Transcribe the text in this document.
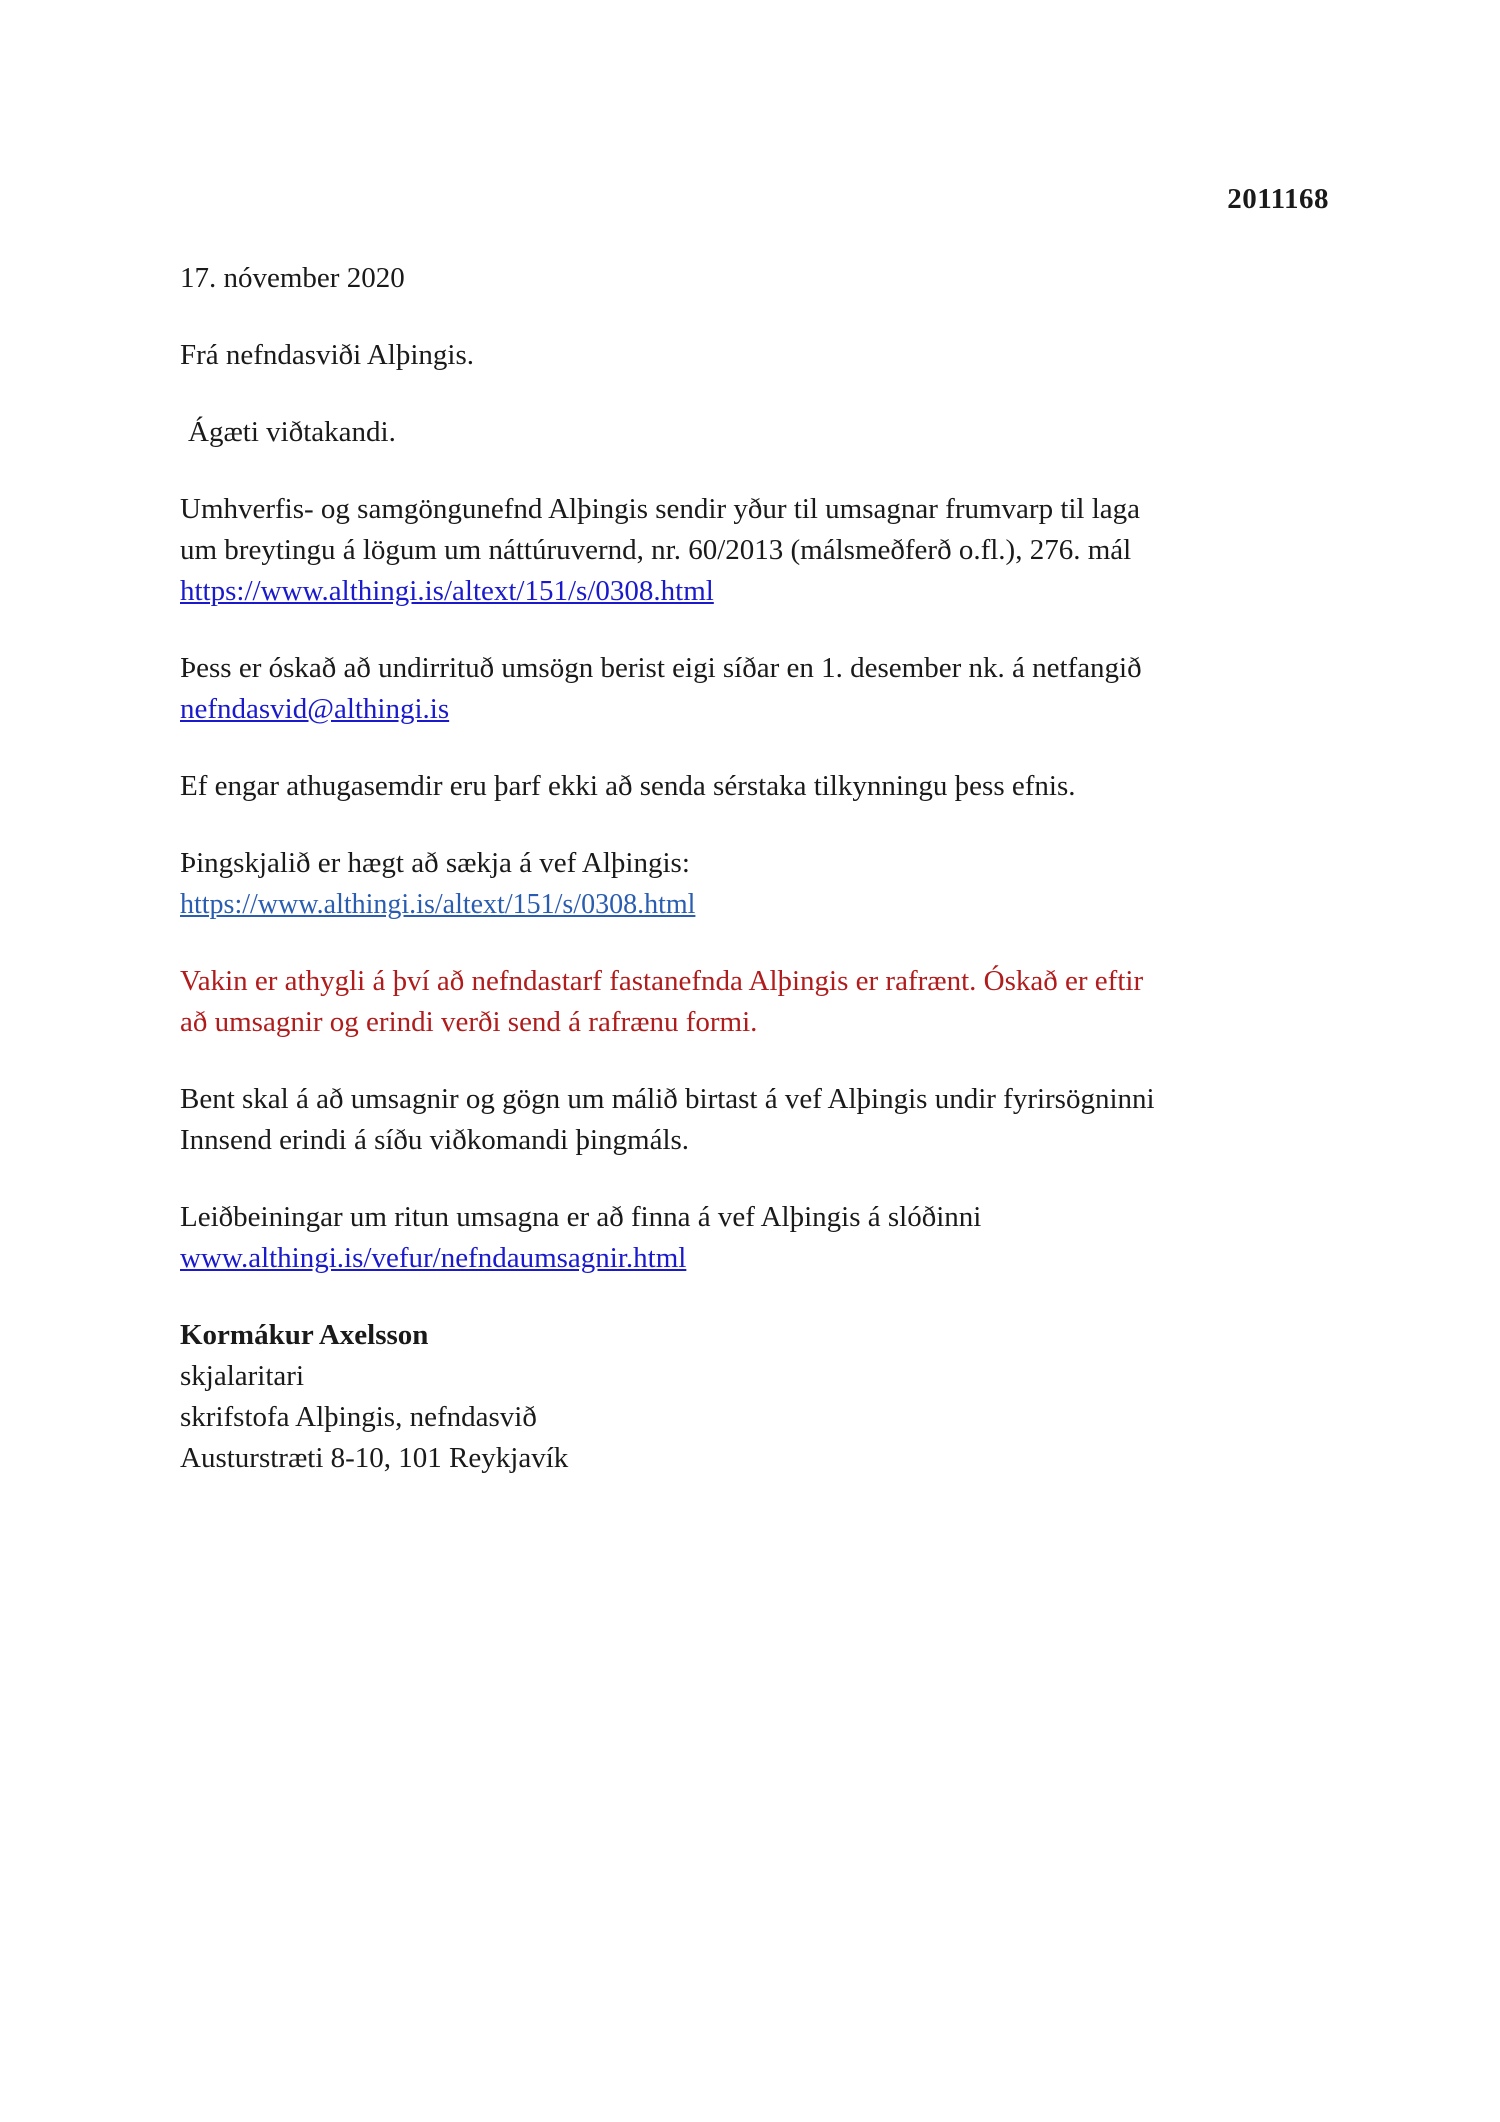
2011168

17. nóvember 2020

Frá nefndasviði Alþingis.

Ágæti viðtakandi.

Umhverfis- og samgöngunefnd Alþingis sendir yður til umsagnar frumvarp til laga
um breytingu á lögum um náttúruvernd, nr. 60/2013 (málsmeðferð o.fl.), 276. mál
https://www.althingi.is/altext/151/s/0308.html

Þess er óskað að undirrituð umsögn berist eigi síðar en 1. desember nk. á netfangið
nefndasvid@althingi.is

Ef engar athugasemdir eru þarf ekki að senda sérstaka tilkynningu þess efnis.

Þingskjalið er hægt að sækja á vef Alþingis:
https://www.althingi.is/altext/151/s/0308.html

Vakin er athygli á því að nefndastarf fastanefnda Alþingis er rafrænt. Óskað er eftir
að umsagnir og erindi verði send á rafrænu formi.

Bent skal á að umsagnir og gögn um málið birtast á vef Alþingis undir fyrirsögninni
Innsend erindi á síðu viðkomandi þingmáls.

Leiðbeiningar um ritun umsagna er að finna á vef Alþingis á slóðinni
www.althingi.is/vefur/nefndaumsagnir.html

Kormákur Axelsson
skjalaritari
skrifstofa Alþingis, nefndasvið
Austurstræti 8-10, 101 Reykjavík
